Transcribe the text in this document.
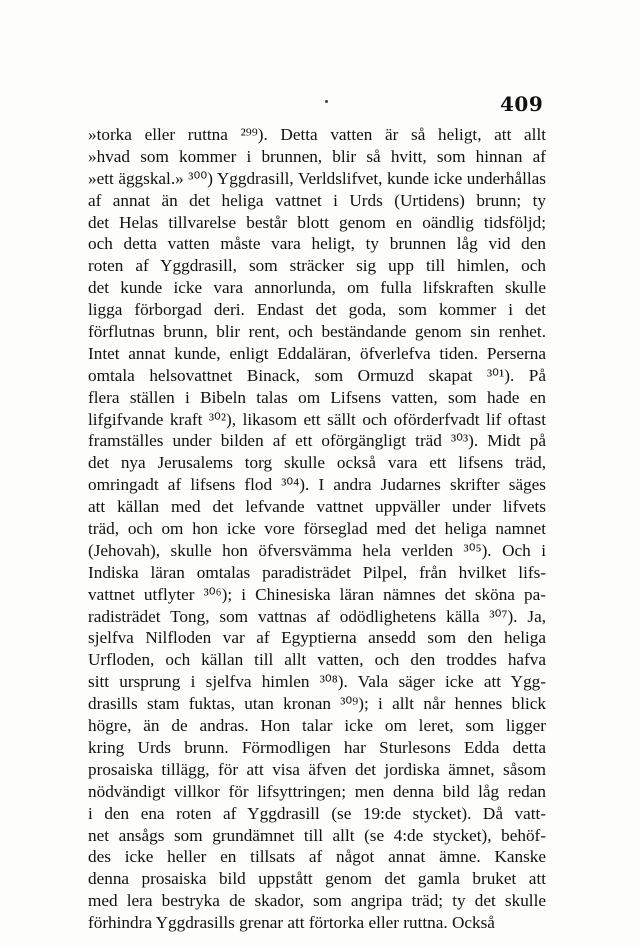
409
»torka eller ruttna ²⁹⁹). Detta vatten är så heligt, att allt
»hvad som kommer i brunnen, blir så hvitt, som hinnan af
»ett äggskal.» ³⁰⁰) Yggdrasill, Verldslifvet, kunde icke underhållas
af annat än det heliga vattnet i Urds (Urtidens) brunn; ty
det Helas tillvarelse består blott genom en oändlig tidsföljd;
och detta vatten måste vara heligt, ty brunnen låg vid den
roten af Yggdrasill, som sträcker sig upp till himlen, och
det kunde icke vara annorlunda, om fulla lifskraften skulle
ligga förborgad deri. Endast det goda, som kommer i det
förflutnas brunn, blir rent, och beständande genom sin renhet.
Intet annat kunde, enligt Eddaläran, öfverlefva tiden. Perserna
omtala helsovattnet Binack, som Ormuzd skapat ³⁰¹). På
flera ställen i Bibeln talas om Lifsens vatten, som hade en
lifgifvande kraft ³⁰²), likasom ett sällt och oförderfvadt lif oftast
framställes under bilden af ett oförgängligt träd ³⁰³). Midt på
det nya Jerusalems torg skulle också vara ett lifsens träd,
omringadt af lifsens flod ³⁰⁴). I andra Judarnes skrifter säges
att källan med det lefvande vattnet uppväller under lifvets
träd, och om hon icke vore förseglad med det heliga namnet
(Jehovah), skulle hon öfversvämma hela verlden ³⁰⁵). Och i
Indiska läran omtalas paradisträdet Pilpel, från hvilket lifs-
vattnet utflyter ³⁰⁶); i Chinesiska läran nämnes det sköna pa-
radisträdet Tong, som vattnas af odödlighetens källa ³⁰⁷). Ja,
sjelfva Nilfloden var af Egyptierna ansedd som den heliga
Urfloden, och källan till allt vatten, och den troddes hafva
sitt ursprung i sjelfva himlen ³⁰⁸). Vala säger icke att Ygg-
drasills stam fuktas, utan kronan ³⁰⁹); i allt når hennes blick
högre, än de andras. Hon talar icke om leret, som ligger
kring Urds brunn. Förmodligen har Sturlesons Edda detta
prosaiska tillägg, för att visa äfven det jordiska ämnet, såsom
nödvändigt villkor för lifsyttringen; men denna bild låg redan
i den ena roten af Yggdrasill (se 19:de stycket). Då vatt-
net ansågs som grundämnet till allt (se 4:de stycket), behöf-
des icke heller en tillsats af något annat ämne. Kanske
denna prosaiska bild uppstått genom det gamla bruket att
med lera bestryka de skador, som angripa träd; ty det skulle
förhindra Yggdrasills grenar att förtorka eller ruttna. Också
